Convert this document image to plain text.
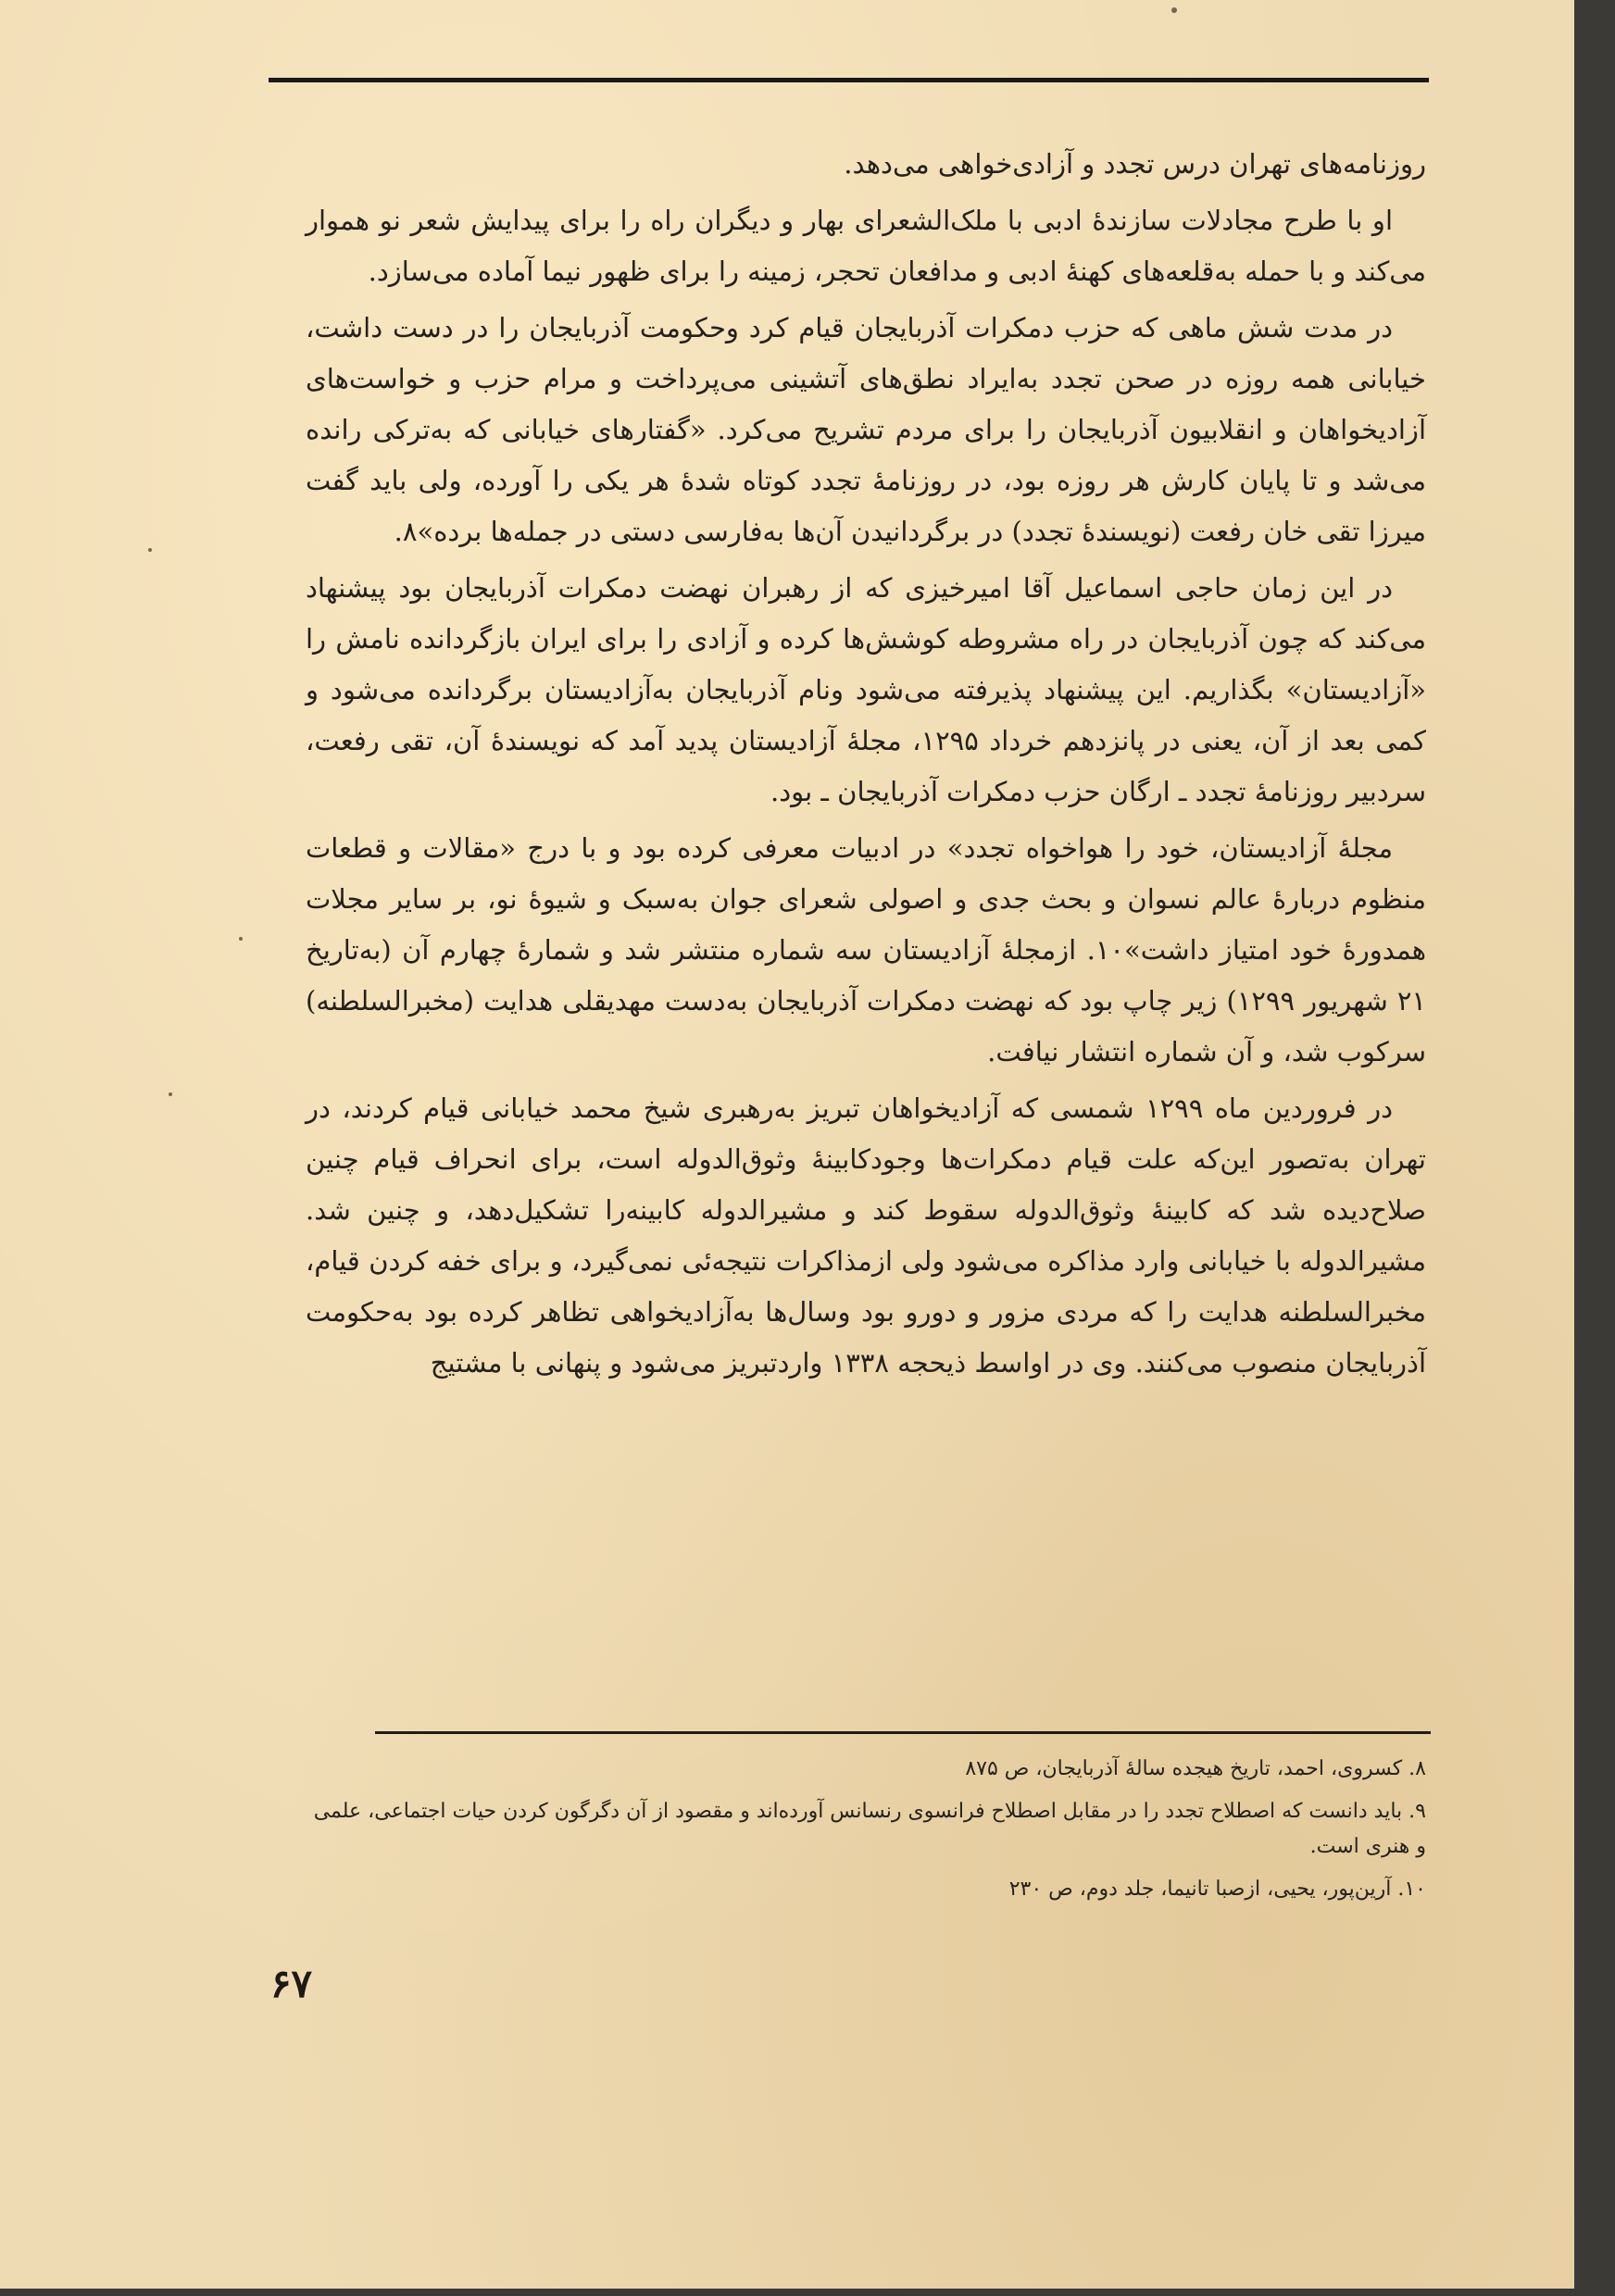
روزنامه‌های تهران درس تجدد و آزادی‌خواهی می‌دهد.

او با طرح مجادلات سازندهٔ ادبی با ملک‌الشعرای بهار و دیگران راه را برای پیدایش شعر نو هموار می‌کند و با حمله به‌قلعه‌های کهنهٔ ادبی و مدافعان تحجر، زمینه را برای ظهور نیما آماده می‌سازد.

در مدت شش ماهی که حزب دمکرات آذربایجان قیام کرد وحکومت آذربایجان را در دست داشت، خیابانی همه روزه در صحن تجدد به‌ایراد نطق‌های آتشینی می‌پرداخت و مرام حزب و خواست‌های آزادیخواهان و انقلابیون آذربایجان را برای مردم تشریح می‌کرد. «گفتارهای خیابانی که به‌ترکی رانده می‌شد و تا پایان کارش هر روزه بود، در روزنامهٔ تجدد کوتاه شدهٔ هر یکی را آورده، ولی باید گفت میرزا تقی خان رفعت (نویسندهٔ تجدد) در برگردانیدن آن‌ها به‌فارسی دستی در جمله‌ها برده»۸.

در این زمان حاجی اسماعیل آقا امیرخیزی که از رهبران نهضت دمکرات آذربایجان بود پیشنهاد می‌کند که چون آذربایجان در راه مشروطه کوشش‌ها کرده و آزادی را برای ایران بازگردانده نامش را «آزادیستان» بگذاریم. این پیشنهاد پذیرفته می‌شود ونام آذربایجان به‌آزادیستان برگردانده می‌شود و کمی بعد از آن، یعنی در پانزدهم خرداد ۱۲۹۵، مجلهٔ آزادیستان پدید آمد که نویسندهٔ آن، تقی رفعت، سردبیر روزنامهٔ تجدد ـ ارگان حزب دمکرات آذربایجان ـ بود.

مجلهٔ آزادیستان، خود را هواخواه تجدد» در ادبیات معرفی کرده بود و با درج «مقالات و قطعات منظوم دربارهٔ عالم نسوان و بحث جدی و اصولی شعرای جوان به‌سبک و شیوهٔ نو، بر سایر مجلات همدورهٔ خود امتیاز داشت»۱۰. ازمجلهٔ آزادیستان سه شماره منتشر شد و شمارهٔ چهارم آن (به‌تاریخ ۲۱ شهریور ۱۲۹۹) زیر چاپ بود که نهضت دمکرات آذربایجان به‌دست مهدیقلی هدایت (مخبرالسلطنه) سرکوب شد، و آن شماره انتشار نیافت.

در فروردین ماه ۱۲۹۹ شمسی که آزادیخواهان تبریز به‌رهبری شیخ محمد خیابانی قیام کردند، در تهران به‌تصور این‌که علت قیام دمکرات‌ها وجودکابینهٔ وثوق‌الدوله است، برای انحراف قیام چنین صلاح‌دیده شد که کابینهٔ وثوق‌الدوله سقوط کند و مشیرالدوله کابینه‌را تشکیل‌دهد، و چنین شد. مشیرالدوله با خیابانی وارد مذاکره می‌شود ولی ازمذاکرات نتیجه‌ئی نمی‌گیرد، و برای خفه کردن قیام، مخبرالسلطنه هدایت را که مردی مزور و دورو بود وسال‌ها به‌آزادیخواهی تظاهر کرده بود به‌حکومت آذربایجان منصوب می‌کنند. وی در اواسط ذیحجه ۱۳۳۸ واردتبریز می‌شود و پنهانی با مشتیج

۸. کسروی، احمد، تاریخ هیجده سالهٔ آذربایجان، ص ۸۷۵

۹. باید دانست که اصطلاح تجدد را در مقابل اصطلاح فرانسوی رنسانس آورده‌اند و مقصود از آن دگرگون کردن حیات اجتماعی، علمی و هنری است.

۱۰. آرین‌پور، یحیی، ازصبا تانیما، جلد دوم، ص ۲۳۰

۶۷
